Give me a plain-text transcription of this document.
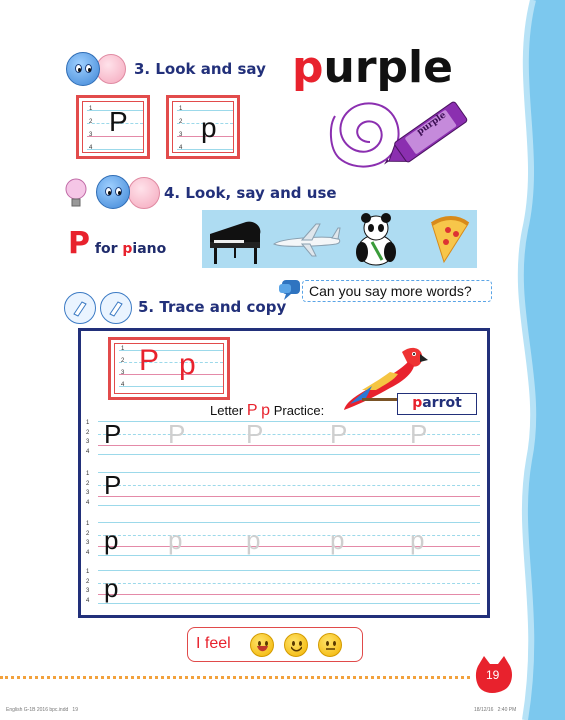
3. Look and say purple
purple
1
2
3
4
P	1
2
3
4
p
4. Look, say and use
P for piano
Can you say more words?
5. Trace and copy
1
2
3
4
P p
Letter P p Practice:	parrot
1
2
3
4
P P P	P P
1
2
3
4
P
1
2
3
4 p p p	p	p
1
2
3
4 p
I feel
19
English G-1B 2016 bpc.indd   19	18/12/16   2:40 PM
